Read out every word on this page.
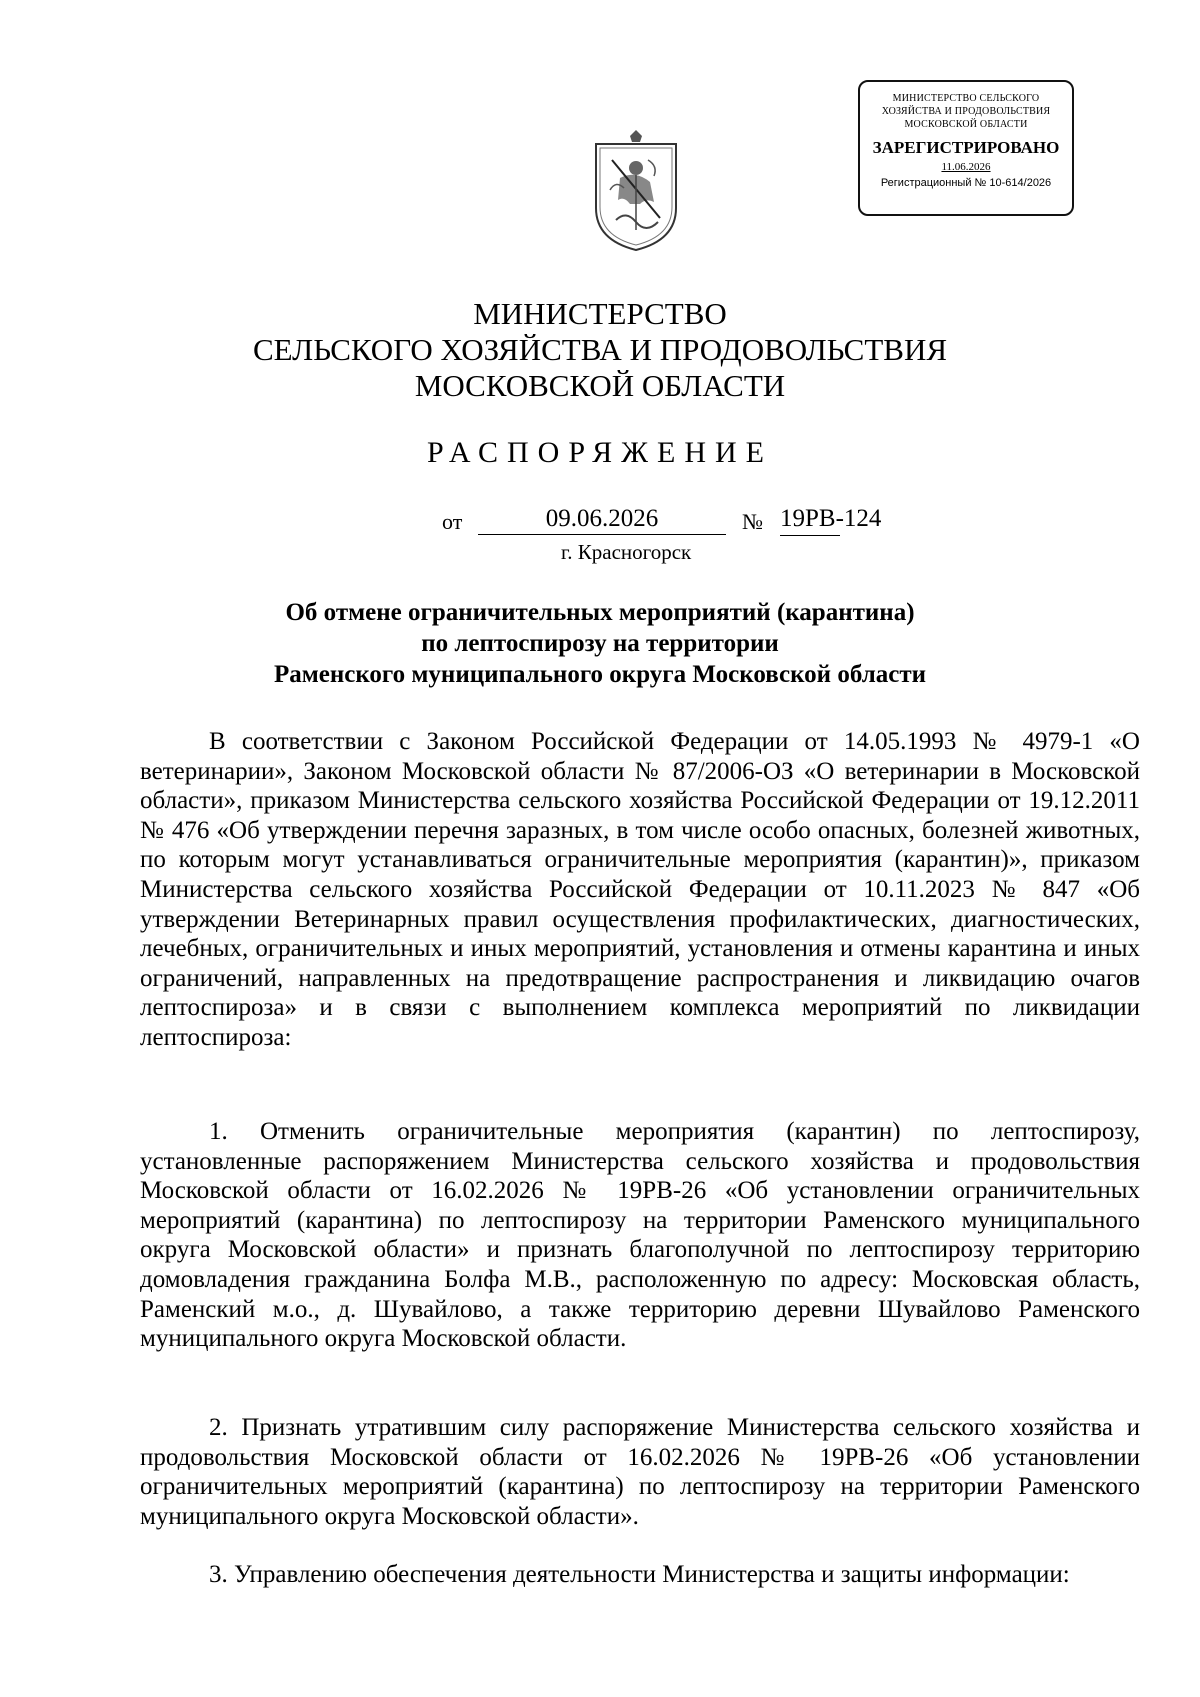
МИНИСТЕРСТВО СЕЛЬСКОГО
ХОЗЯЙСТВА И ПРОДОВОЛЬСТВИЯ
МОСКОВСКОЙ ОБЛАСТИ
ЗАРЕГИСТРИРОВАНО
11.06.2026
Регистрационный № 10-614/2026
МИНИСТЕРСТВО
СЕЛЬСКОГО ХОЗЯЙСТВА И ПРОДОВОЛЬСТВИЯ
МОСКОВСКОЙ ОБЛАСТИ
РАСПОРЯЖЕНИЕ
от	09.06.2026	№ 19РВ-124
г. Красногорск
Об отмене ограничительных мероприятий (карантина)
по лептоспирозу на территории
Раменского муниципального округа Московской области
В соответствии с Законом Российской Федерации от 14.05.1993 № 4979-1 «О ветеринарии», Законом Московской области № 87/2006-ОЗ «О ветеринарии в Московской области», приказом Министерства сельского хозяйства Российской Федерации от 19.12.2011 № 476 «Об утверждении перечня заразных, в том числе особо опасных, болезней животных, по которым могут устанавливаться ограничительные мероприятия (карантин)», приказом Министерства сельского хозяйства Российской Федерации от 10.11.2023 № 847 «Об утверждении Ветеринарных правил осуществления профилактических, диагностических, лечебных, ограничительных и иных мероприятий, установления и отмены карантина и иных ограничений, направленных на предотвращение распространения и ликвидацию очагов лептоспироза» и в связи с выполнением комплекса мероприятий по ликвидации лептоспироза:
1. Отменить ограничительные мероприятия (карантин) по лептоспирозу, установленные распоряжением Министерства сельского хозяйства и продовольствия Московской области от 16.02.2026 № 19РВ-26 «Об установлении ограничительных мероприятий (карантина) по лептоспирозу на территории Раменского муниципального округа Московской области» и признать благополучной по лептоспирозу территорию домовладения гражданина Болфа М.В., расположенную по адресу: Московская область, Раменский м.о., д. Шувайлово, а также территорию деревни Шувайлово Раменского муниципального округа Московской области.
2. Признать утратившим силу распоряжение Министерства сельского хозяйства и продовольствия Московской области от 16.02.2026 № 19РВ-26 «Об установлении ограничительных мероприятий (карантина) по лептоспирозу на территории Раменского муниципального округа Московской области».
3. Управлению обеспечения деятельности Министерства и защиты информации:
